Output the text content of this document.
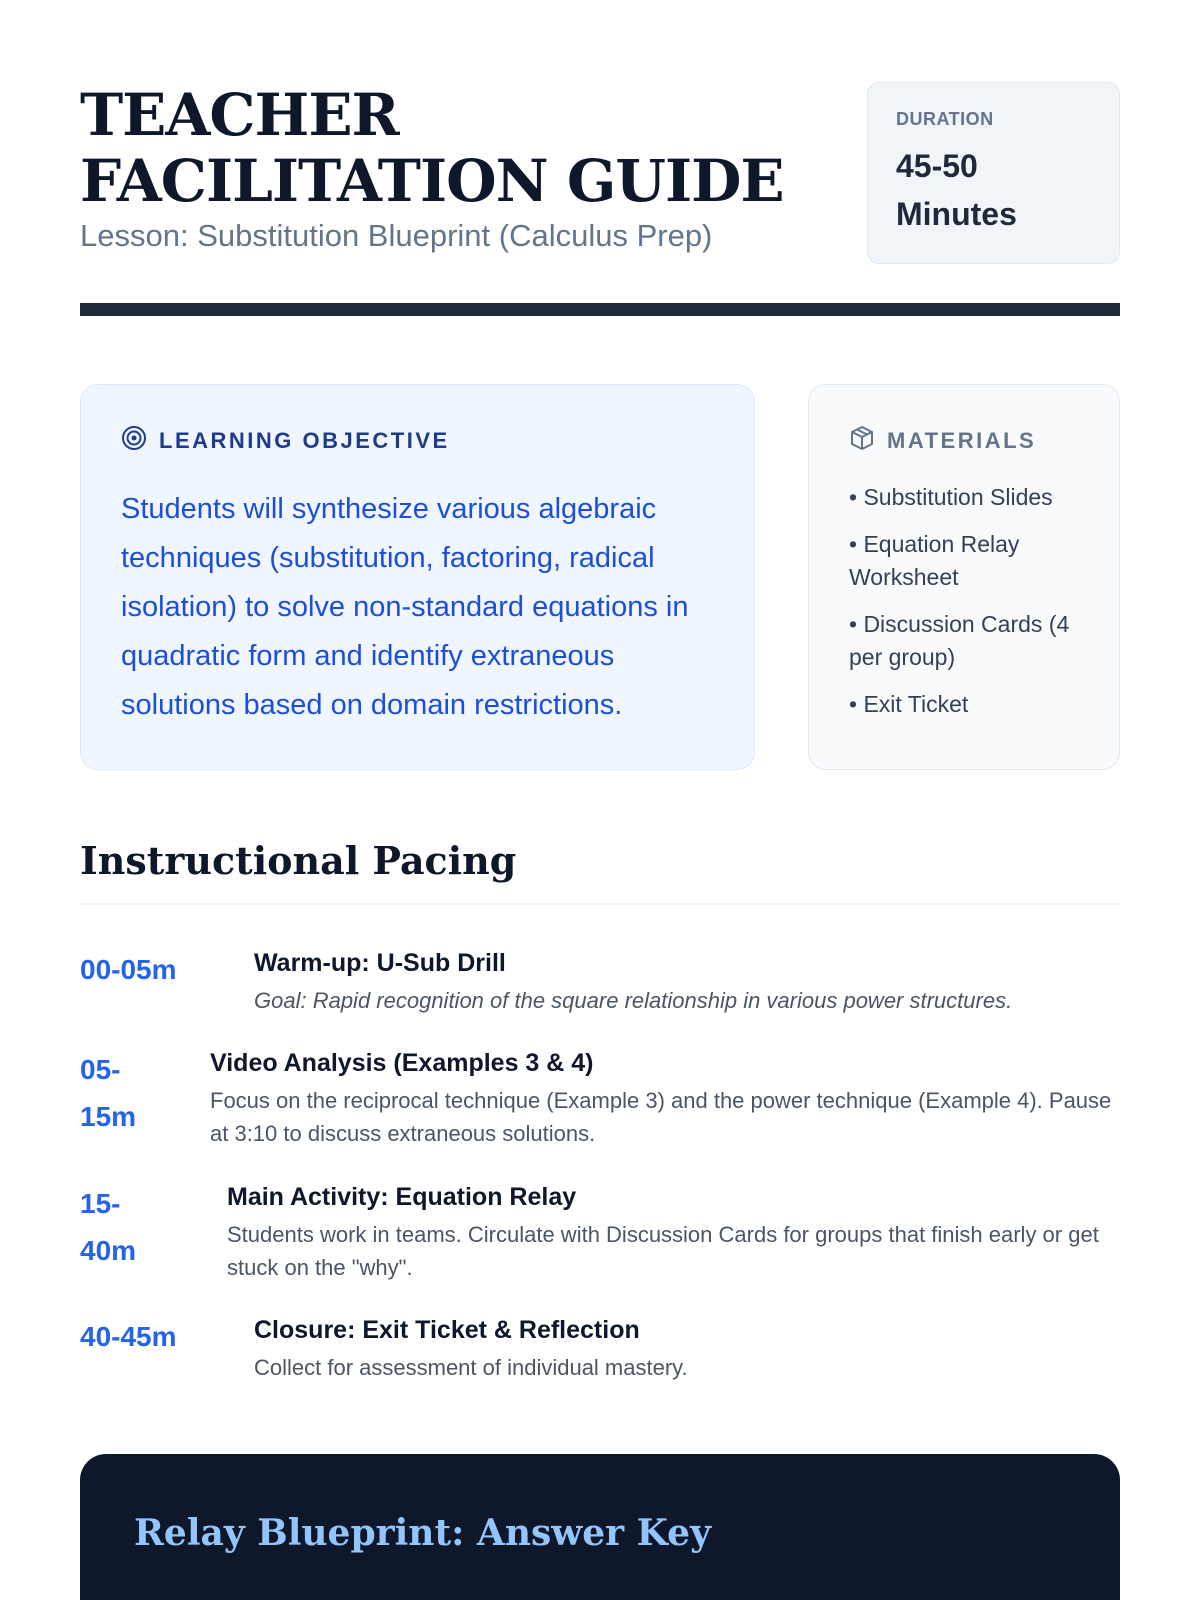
TEACHER FACILITATION GUIDE
Lesson: Substitution Blueprint (Calculus Prep)
DURATION
45-50 Minutes
LEARNING OBJECTIVE

Students will synthesize various algebraic techniques (substitution, factoring, radical isolation) to solve non-standard equations in quadratic form and identify extraneous solutions based on domain restrictions.

MATERIALS
• Substitution Slides
• Equation Relay Worksheet
• Discussion Cards (4 per group)
• Exit Ticket
Instructional Pacing
00-05m	Warm-up: U-Sub Drill
Goal: Rapid recognition of the square relationship in various power structures.
05-15m
Video Analysis (Examples 3 & 4)
Focus on the reciprocal technique (Example 3) and the power technique (Example 4). Pause at 3:10 to discuss extraneous solutions.
15-40m
Main Activity: Equation Relay
Students work in teams. Circulate with Discussion Cards for groups that finish early or get stuck on the "why".
40-45m	Closure: Exit Ticket & Reflection
Collect for assessment of individual mastery.
Relay Blueprint: Answer Key
